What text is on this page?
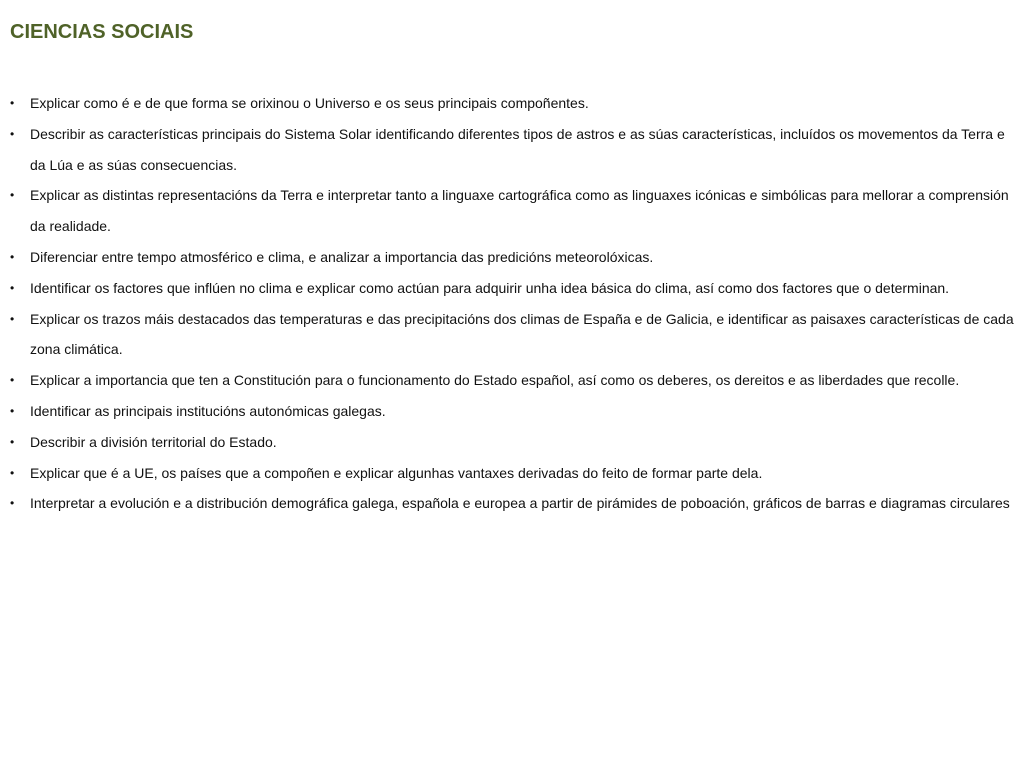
CIENCIAS SOCIAIS
• Explicar como é e de que forma se orixinou o Universo e os seus principais compoñentes.
• Describir as características principais do Sistema Solar identificando diferentes tipos de astros e as súas características, incluídos os movementos da Terra e da Lúa e as súas consecuencias.
• Explicar as distintas representacións da Terra e interpretar tanto a linguaxe cartográfica como as linguaxes icónicas e simbólicas para mellorar a comprensión da realidade.
• Diferenciar entre tempo atmosférico e clima, e analizar a importancia das predicións meteorolóxicas.
• Identificar os factores que inflúen no clima e explicar como actúan para adquirir unha idea básica do clima, así como dos factores que o determinan.
• Explicar os trazos máis destacados das temperaturas e das precipitacións dos climas de España e de Galicia, e identificar as paisaxes características de cada zona climática.
• Explicar a importancia que ten a Constitución para o funcionamento do Estado español, así como os deberes, os dereitos e as liberdades que recolle.
• Identificar as principais institucións autonómicas galegas.
• Describir a división territorial do Estado.
• Explicar que é a UE, os países que a compoñen e explicar algunhas vantaxes derivadas do feito de formar parte dela.
• Interpretar a evolución e a distribución demográfica galega, española e europea a partir de pirámides de poboación, gráficos de barras e diagramas circulares
